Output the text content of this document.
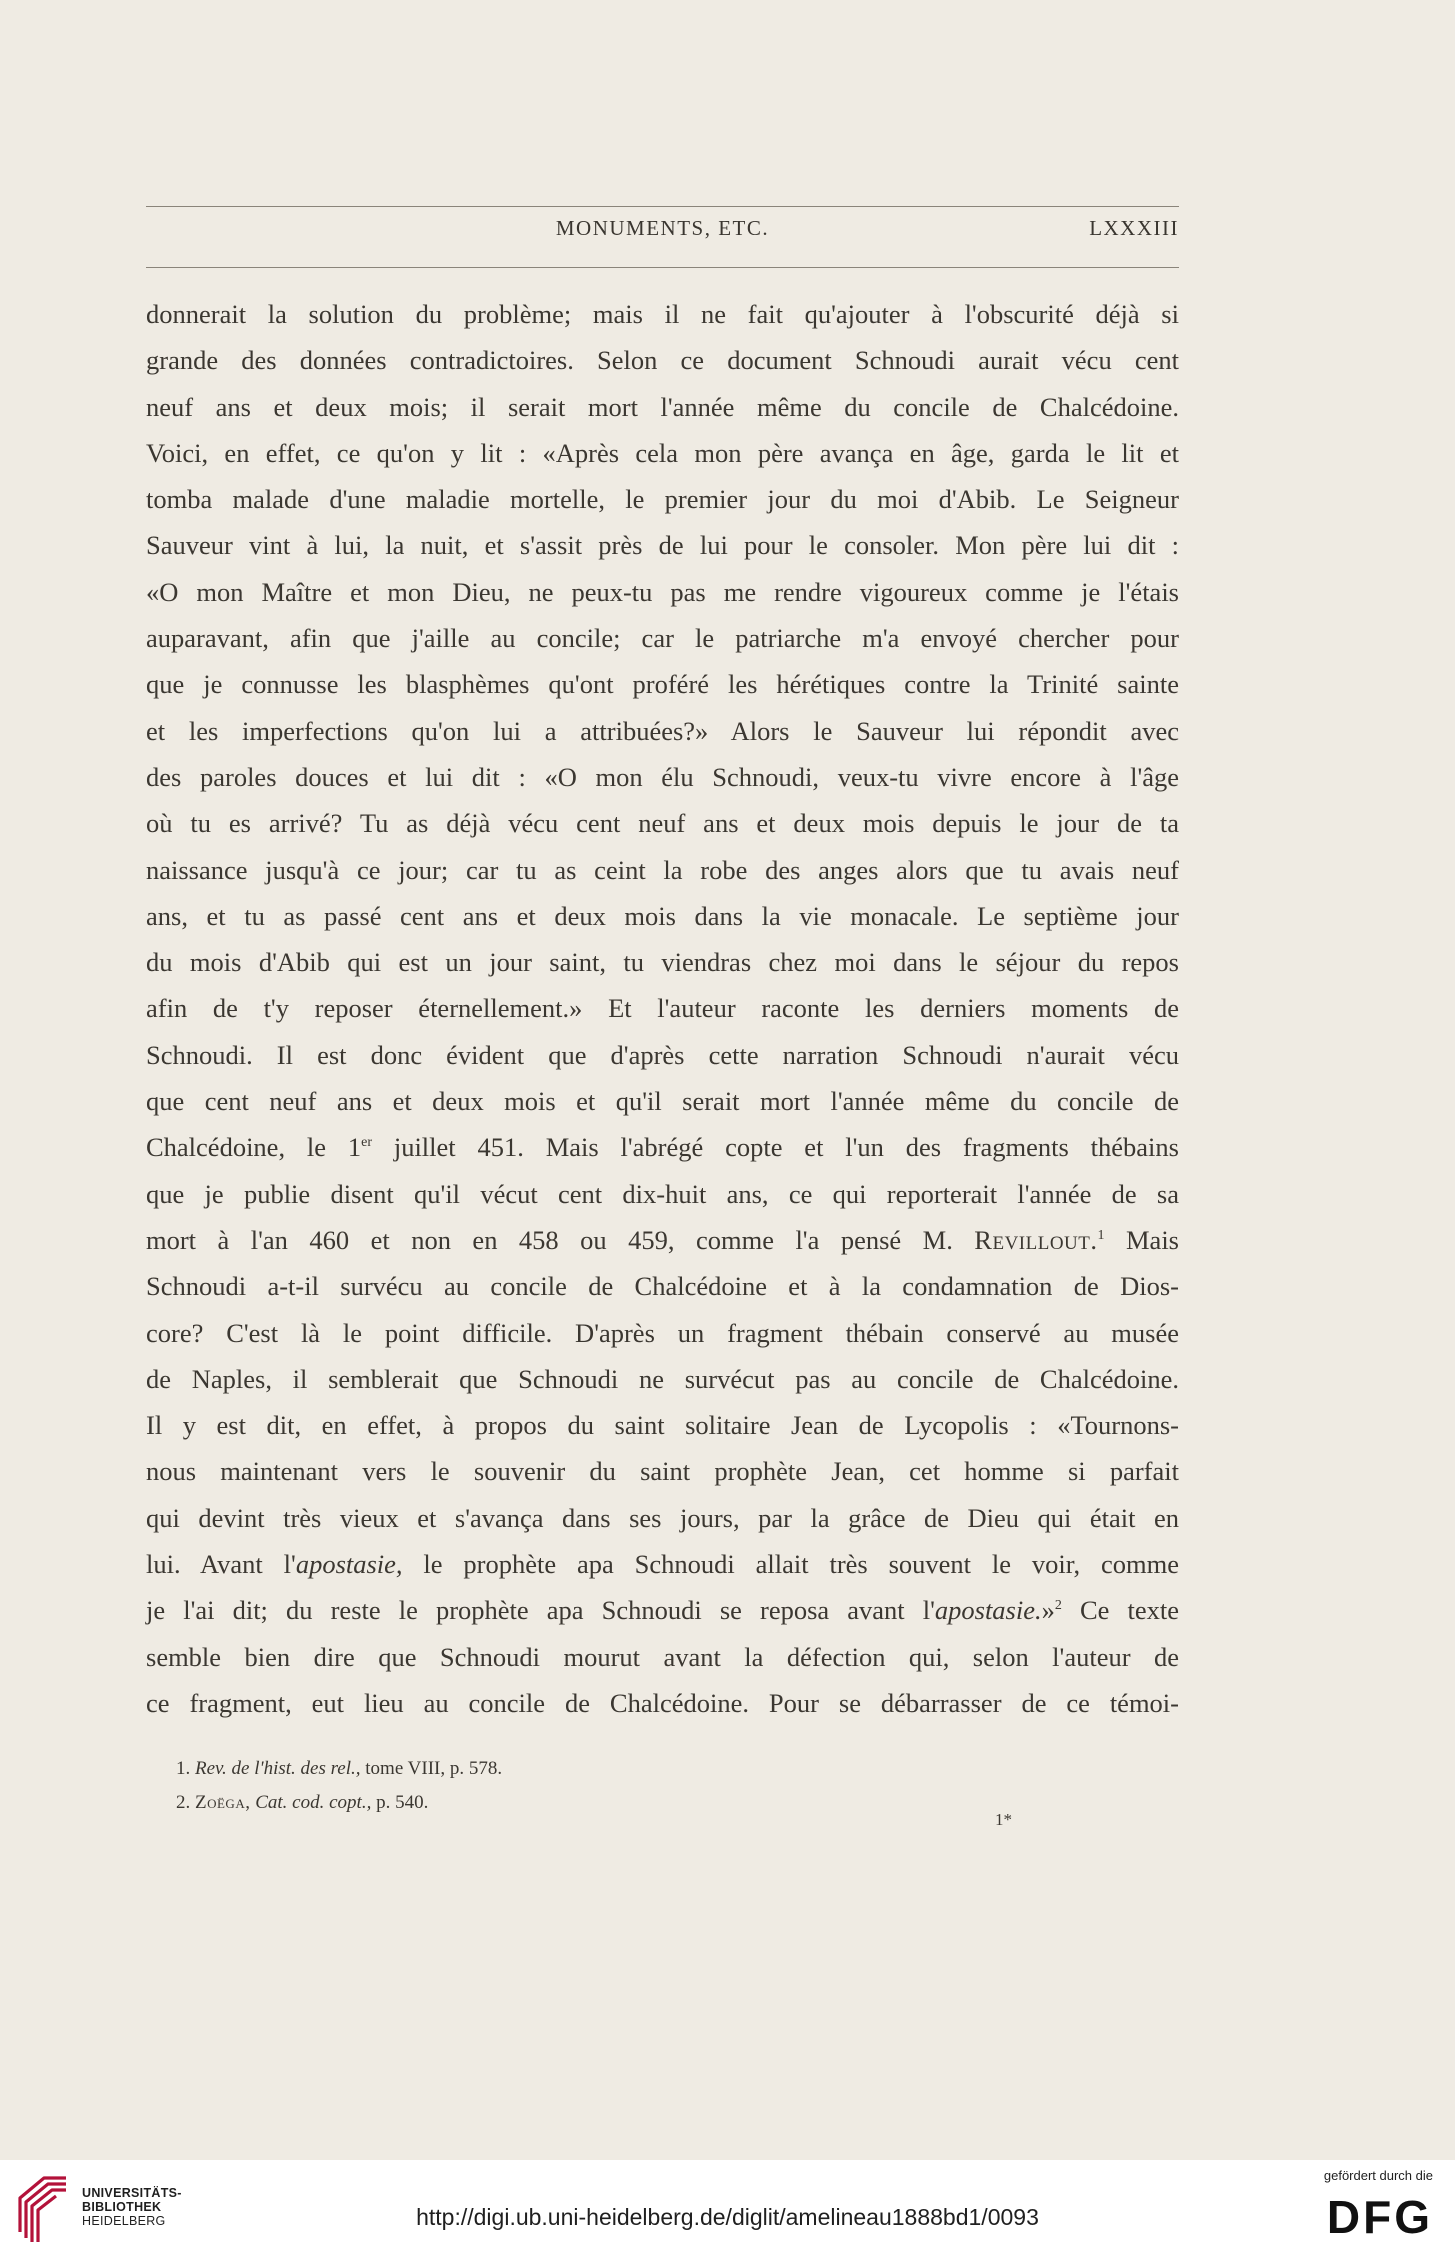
MONUMENTS, ETC.	LXXXIII
donnerait la solution du problème; mais il ne fait qu'ajouter à l'obscurité déjà si
grande des données contradictoires. Selon ce document Schnoudi aurait vécu cent
neuf ans et deux mois; il serait mort l'année même du concile de Chalcédoine.
Voici, en effet, ce qu'on y lit : «Après cela mon père avança en âge, garda le lit et
tomba malade d'une maladie mortelle, le premier jour du moi d'Abib. Le Seigneur
Sauveur vint à lui, la nuit, et s'assit près de lui pour le consoler. Mon père lui dit :
«O mon Maître et mon Dieu, ne peux-tu pas me rendre vigoureux comme je l'étais
auparavant, afin que j'aille au concile; car le patriarche m'a envoyé chercher pour
que je connusse les blasphèmes qu'ont proféré les hérétiques contre la Trinité sainte
et les imperfections qu'on lui a attribuées?» Alors le Sauveur lui répondit avec
des paroles douces et lui dit : «O mon élu Schnoudi, veux-tu vivre encore à l'âge
où tu es arrivé? Tu as déjà vécu cent neuf ans et deux mois depuis le jour de ta
naissance jusqu'à ce jour; car tu as ceint la robe des anges alors que tu avais neuf
ans, et tu as passé cent ans et deux mois dans la vie monacale. Le septième jour
du mois d'Abib qui est un jour saint, tu viendras chez moi dans le séjour du repos
afin de t'y reposer éternellement.» Et l'auteur raconte les derniers moments de
Schnoudi. Il est donc évident que d'après cette narration Schnoudi n'aurait vécu
que cent neuf ans et deux mois et qu'il serait mort l'année même du concile de
Chalcédoine, le 1er juillet 451. Mais l'abrégé copte et l'un des fragments thébains
que je publie disent qu'il vécut cent dix-huit ans, ce qui reporterait l'année de sa
mort à l'an 460 et non en 458 ou 459, comme l'a pensé M. Revillout.$^1$ Mais
Schnoudi a-t-il survécu au concile de Chalcédoine et à la condamnation de Dios-
core? C'est là le point difficile. D'après un fragment thébain conservé au musée
de Naples, il semblerait que Schnoudi ne survécut pas au concile de Chalcédoine.
Il y est dit, en effet, à propos du saint solitaire Jean de Lycopolis : «Tournons-
nous maintenant vers le souvenir du saint prophète Jean, cet homme si parfait
qui devint très vieux et s'avança dans ses jours, par la grâce de Dieu qui était en
lui. Avant l'apostasie, le prophète apa Schnoudi allait très souvent le voir, comme
je l'ai dit; du reste le prophète apa Schnoudi se reposa avant l'apostasie.»$^2$ Ce texte
semble bien dire que Schnoudi mourut avant la défection qui, selon l'auteur de
ce fragment, eut lieu au concile de Chalcédoine. Pour se débarrasser de ce témoi-
1. Rev. de l'hist. des rel., tome VIII, p. 578.
2. Zoëga, Cat. cod. copt., p. 540.
1*
UNIVERSITÄTS-
BIBLIOTHEK
HEIDELBERG	http://digi.ub.uni-heidelberg.de/diglit/amelineau1888bd1/0093
gefördert durch die
DFG
